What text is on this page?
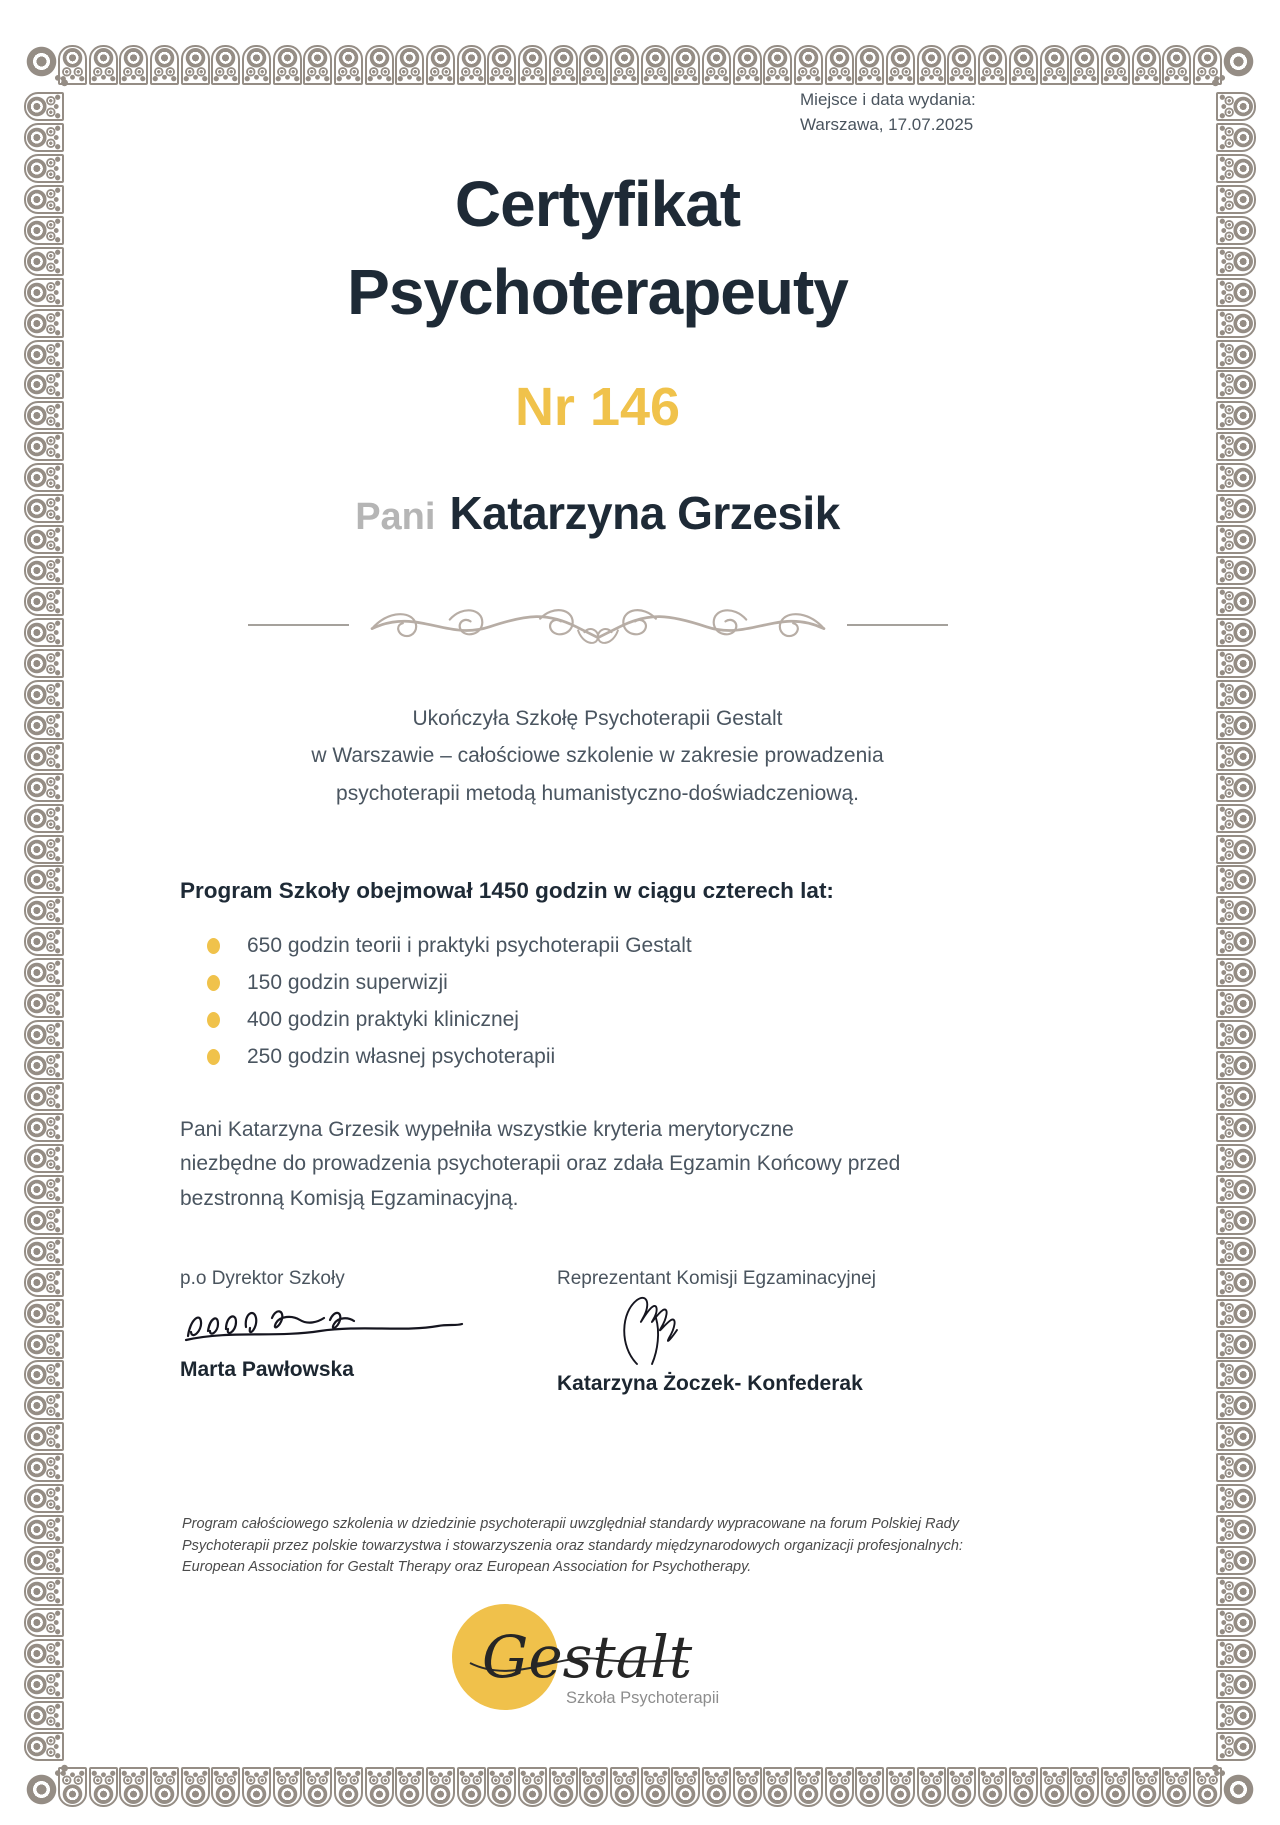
Miejsce i data wydania:
Warszawa, 17.07.2025
Certyfikat
Psychoterapeuty
Nr 146
Pani Katarzyna Grzesik
Ukończyła Szkołę Psychoterapii Gestalt
w Warszawie – całościowe szkolenie w zakresie prowadzenia
psychoterapii metodą humanistyczno-doświadczeniową.
Program Szkoły obejmował 1450 godzin w ciągu czterech lat:
650 godzin teorii i praktyki psychoterapii Gestalt
150 godzin superwizji
400 godzin praktyki klinicznej
250 godzin własnej psychoterapii
Pani Katarzyna Grzesik wypełniła wszystkie kryteria merytoryczne
niezbędne do prowadzenia psychoterapii oraz zdała Egzamin Końcowy przed
bezstronną Komisją Egzaminacyjną.
p.o Dyrektor Szkoły
Marta Pawłowska
Reprezentant Komisji Egzaminacyjnej
Katarzyna Żoczek- Konfederak
Program całościowego szkolenia w dziedzinie psychoterapii uwzględniał standardy wypracowane na forum Polskiej Rady
Psychoterapii przez polskie towarzystwa i stowarzyszenia oraz standardy międzynarodowych organizacji profesjonalnych:
European Association for Gestalt Therapy oraz European Association for Psychotherapy.
Gestalt
Szkoła Psychoterapii
